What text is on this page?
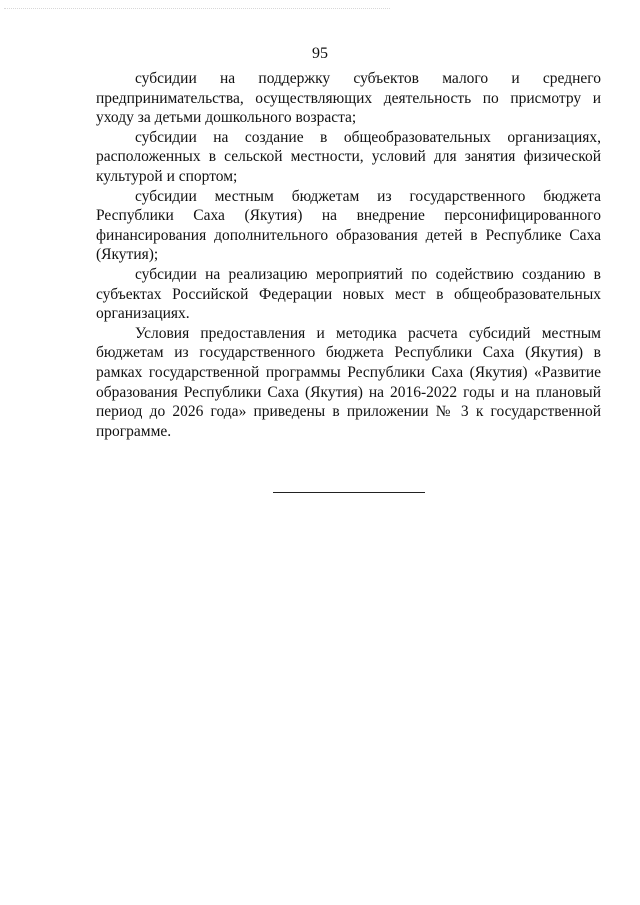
95

субсидии на поддержку субъектов малого и среднего предпринимательства, осуществляющих деятельность по присмотру и уходу за детьми дошкольного возраста;

субсидии на создание в общеобразовательных организациях, расположенных в сельской местности, условий для занятия физической культурой и спортом;

субсидии местным бюджетам из государственного бюджета Республики Саха (Якутия) на внедрение персонифицированного финансирования дополнительного образования детей в Республике Саха (Якутия);

субсидии на реализацию мероприятий по содействию созданию в субъектах Российской Федерации новых мест в общеобразовательных организациях.

Условия предоставления и методика расчета субсидий местным бюджетам из государственного бюджета Республики Саха (Якутия) в рамках государственной программы Республики Саха (Якутия) «Развитие образования Республики Саха (Якутия) на 2016-2022 годы и на плановый период до 2026 года» приведены в приложении № 3 к государственной программе.
